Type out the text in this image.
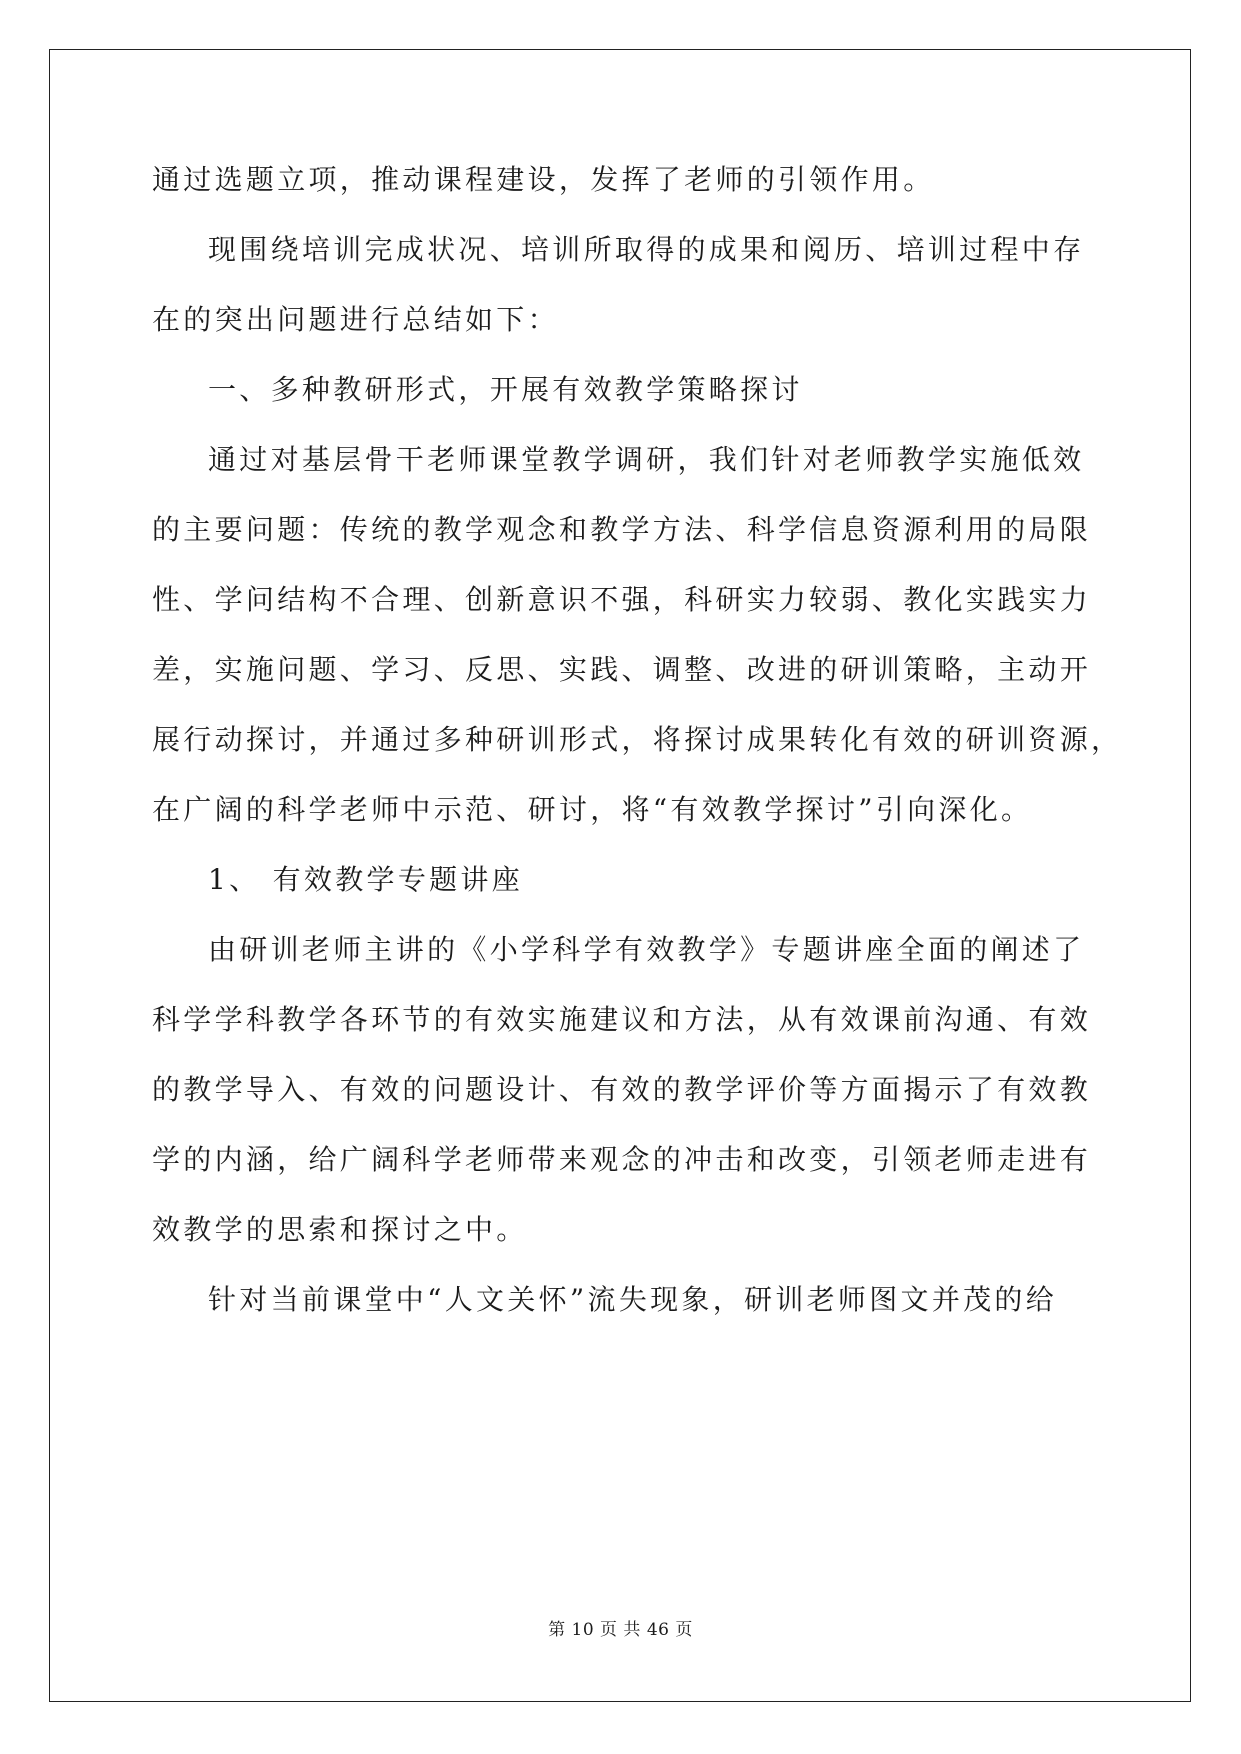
通过选题立项，推动课程建设，发挥了老师的引领作用。
现围绕培训完成状况、培训所取得的成果和阅历、培训过程中存
在的突出问题进行总结如下：
一、多种教研形式，开展有效教学策略探讨
通过对基层骨干老师课堂教学调研，我们针对老师教学实施低效
的主要问题：传统的教学观念和教学方法、科学信息资源利用的局限
性、学问结构不合理、创新意识不强，科研实力较弱、教化实践实力
差，实施问题、学习、反思、实践、调整、改进的研训策略，主动开
展行动探讨，并通过多种研训形式，将探讨成果转化有效的研训资源，
在广阔的科学老师中示范、研讨，将“有效教学探讨”引向深化。
1、 有效教学专题讲座
由研训老师主讲的《小学科学有效教学》专题讲座全面的阐述了
科学学科教学各环节的有效实施建议和方法，从有效课前沟通、有效
的教学导入、有效的问题设计、有效的教学评价等方面揭示了有效教
学的内涵，给广阔科学老师带来观念的冲击和改变，引领老师走进有
效教学的思索和探讨之中。
针对当前课堂中“人文关怀”流失现象，研训老师图文并茂的给
第 10 页 共 46 页
